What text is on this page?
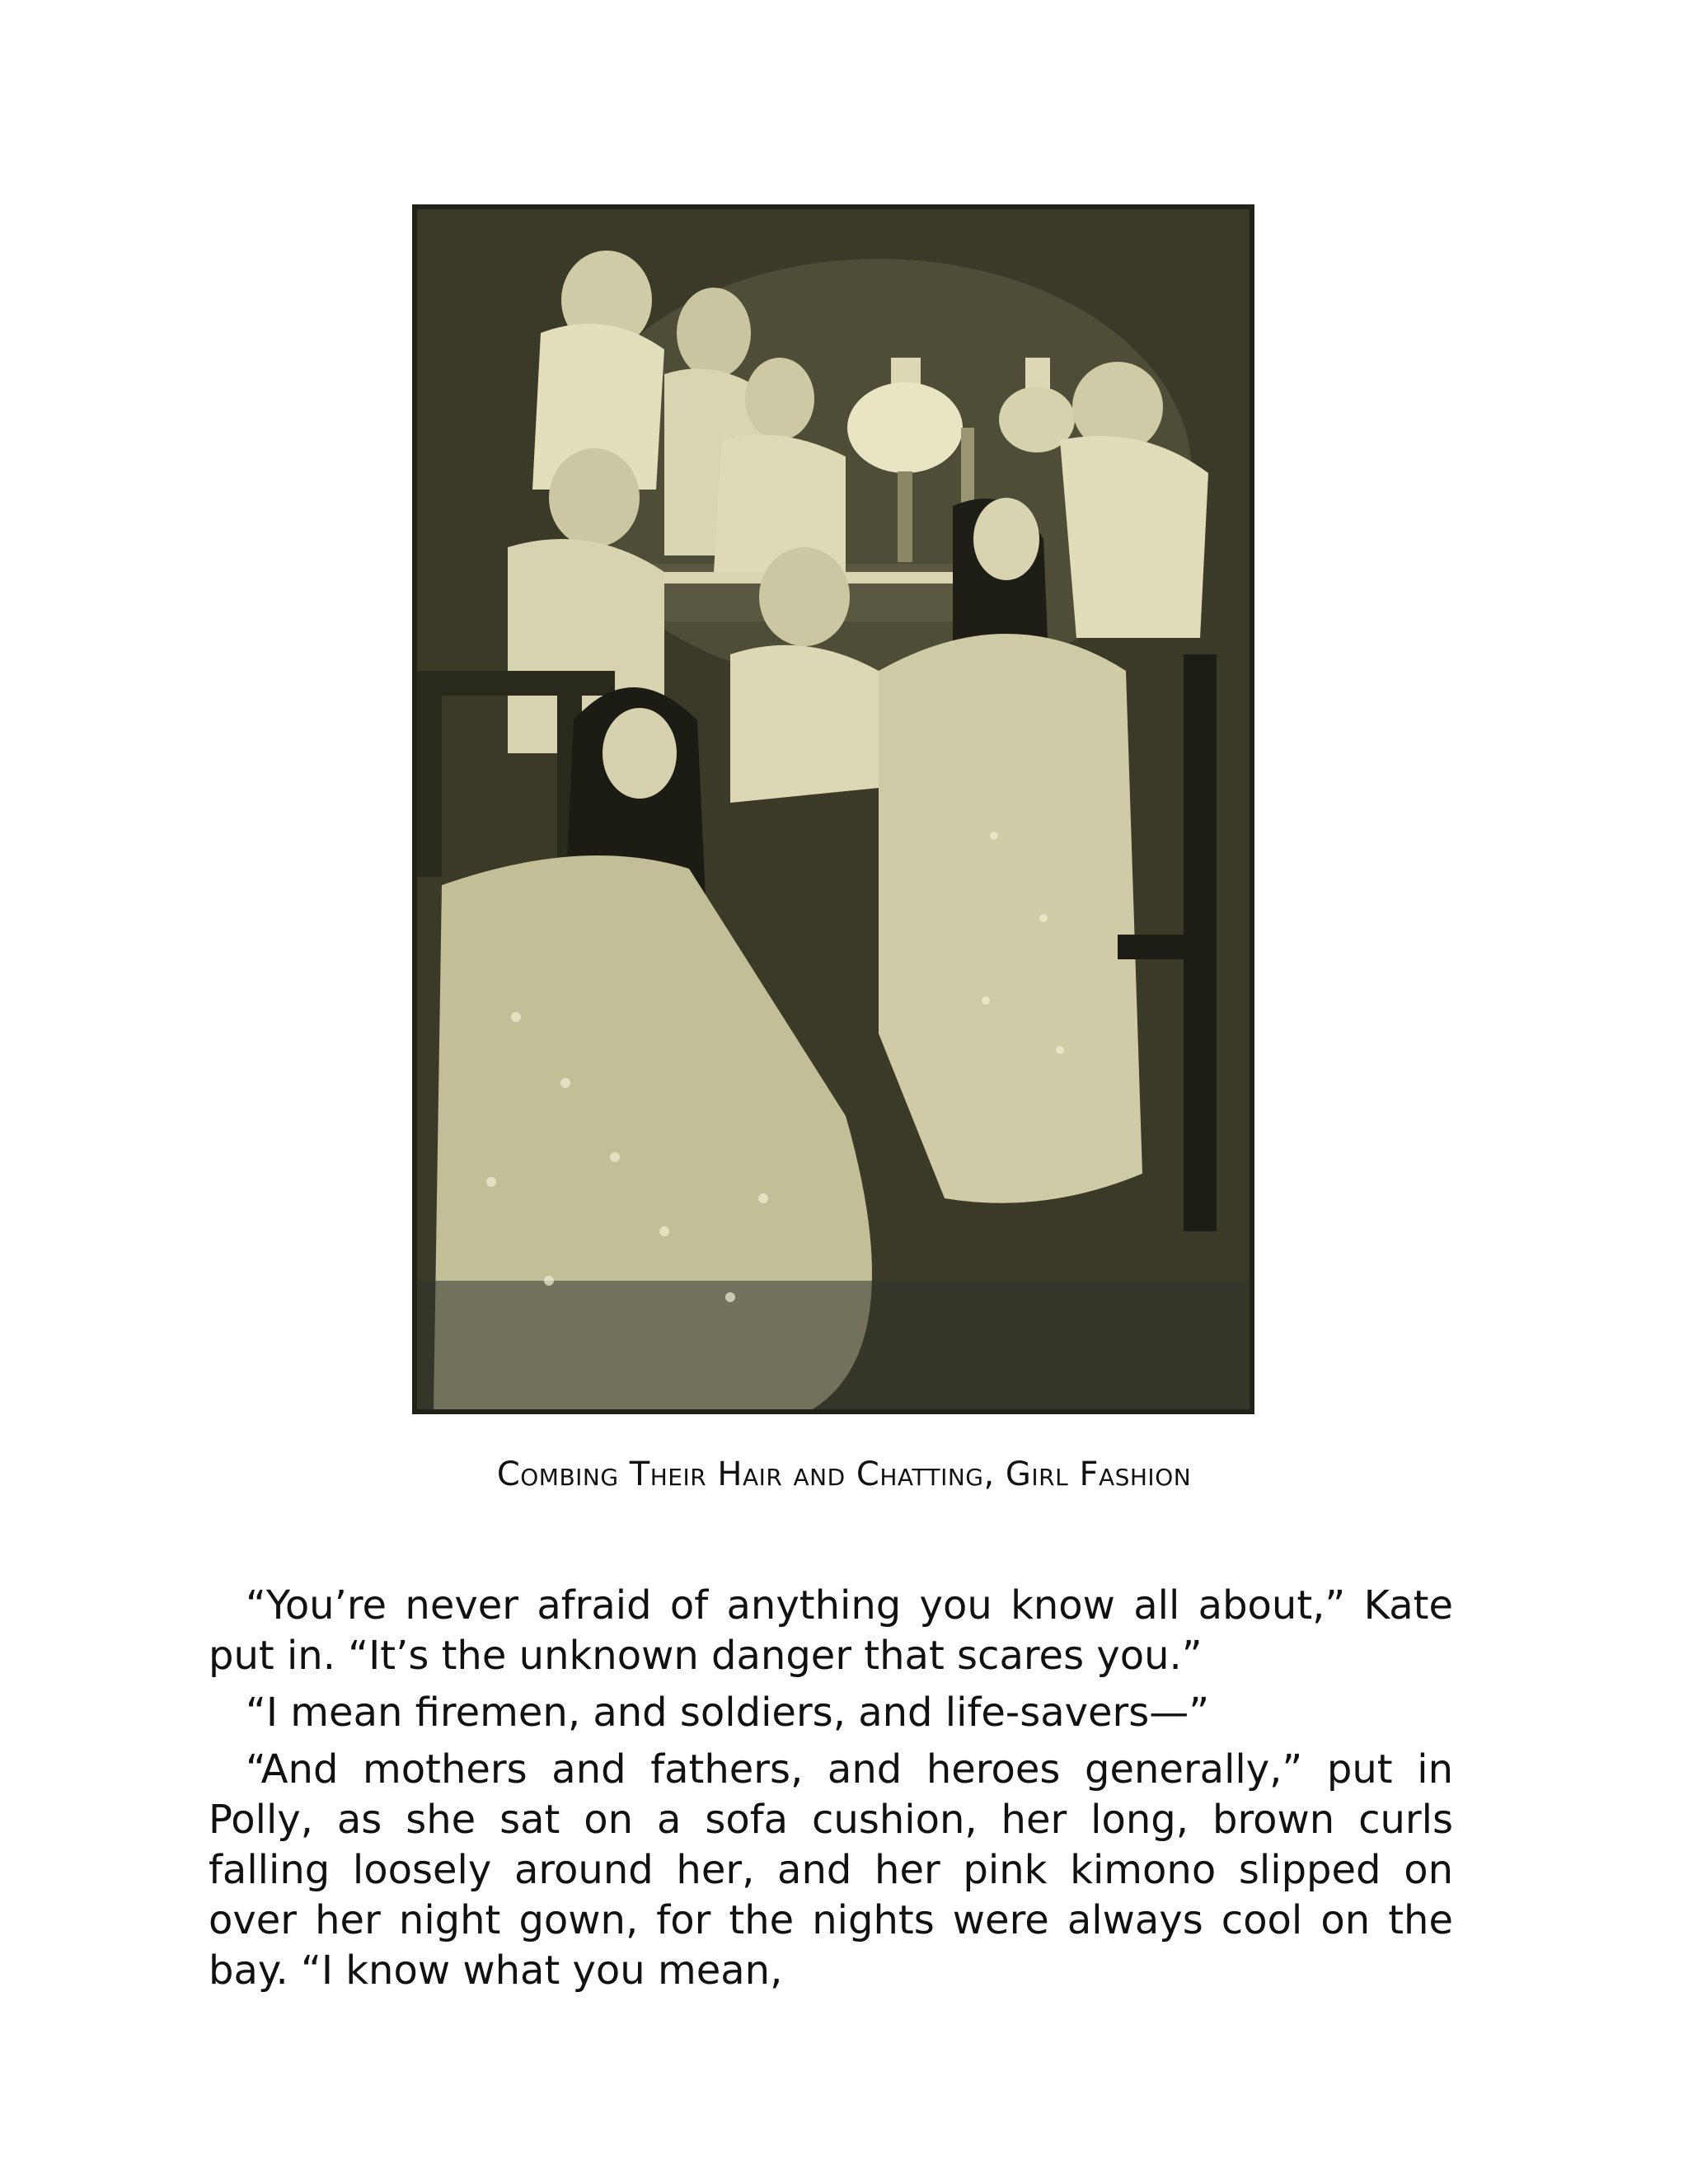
Combing Their Hair and Chatting, Girl Fashion

“You’re never afraid of anything you know all about,” Kate put in. “It’s the unknown danger that scares you.”

“I mean firemen, and soldiers, and life-savers—”

“And mothers and fathers, and heroes generally,” put in Polly, as she sat on a sofa cushion, her long, brown curls falling loosely around her, and her pink kimono slipped on over her night gown, for the nights were always cool on the bay. “I know what you mean,
